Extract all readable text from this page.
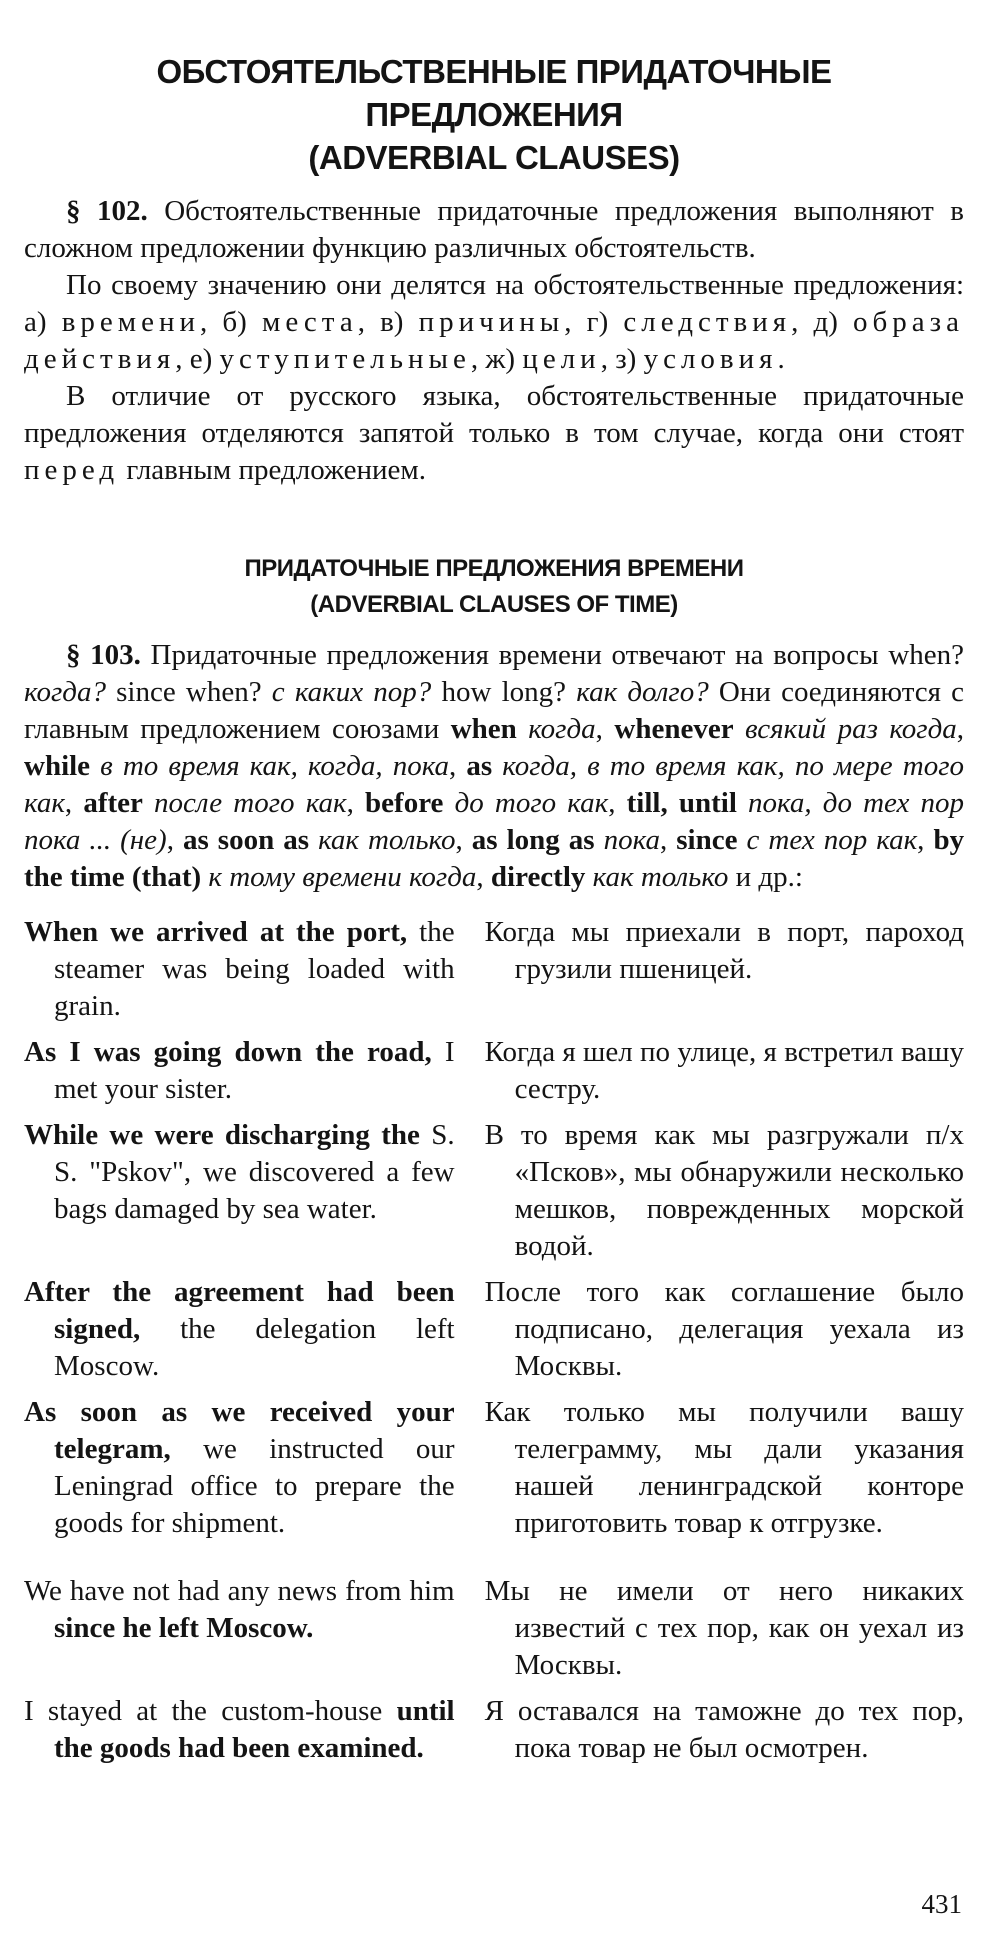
ОБСТОЯТЕЛЬСТВЕННЫЕ ПРИДАТОЧНЫЕ ПРЕДЛОЖЕНИЯ
(ADVERBIAL CLAUSES)

§ 102. Обстоятельственные придаточные предложения выполняют в сложном предложении функцию различных обстоятельств.

По своему значению они делятся на обстоятельственные предложения: а) времени, б) места, в) причины, г) следствия, д) образа действия, е) уступительные, ж) цели, з) условия.

В отличие от русского языка, обстоятельственные придаточные предложения отделяются запятой только в том случае, когда они стоят перед главным предложением.

ПРИДАТОЧНЫЕ ПРЕДЛОЖЕНИЯ ВРЕМЕНИ
(ADVERBIAL CLAUSES OF TIME)

§ 103. Придаточные предложения времени отвечают на вопросы when? когда? since when? с каких пор? how long? как долго? Они соединяются с главным предложением союзами when когда, whenever всякий раз когда, while в то время как, когда, пока, as когда, в то время как, по мере того как, after после того как, before до того как, till, until пока, до тех пор пока ... (не), as soon as как только, as long as пока, since с тех пор как, by the time (that) к тому времени когда, directly как только и др.:

When we arrived at the port, the steamer was being loaded with grain.	Когда мы приехали в порт, пароход грузили пшеницей.

As I was going down the road, I met your sister.	Когда я шел по улице, я встретил вашу сестру.

While we were discharging the S. S. "Pskov", we discovered a few bags damaged by sea water.	В то время как мы разгружали п/х «Псков», мы обнаружили несколько мешков, поврежденных морской водой.

After the agreement had been signed, the delegation left Moscow.	После того как соглашение было подписано, делегация уехала из Москвы.

As soon as we received your telegram, we instructed our Leningrad office to prepare the goods for shipment.	Как только мы получили вашу телеграмму, мы дали указания нашей ленинградской конторе приготовить товар к отгрузке.

We have not had any news from him since he left Moscow.	Мы не имели от него никаких известий с тех пор, как он уехал из Москвы.

I stayed at the custom-house until the goods had been examined.	Я оставался на таможне до тех пор, пока товар не был осмотрен.
431
